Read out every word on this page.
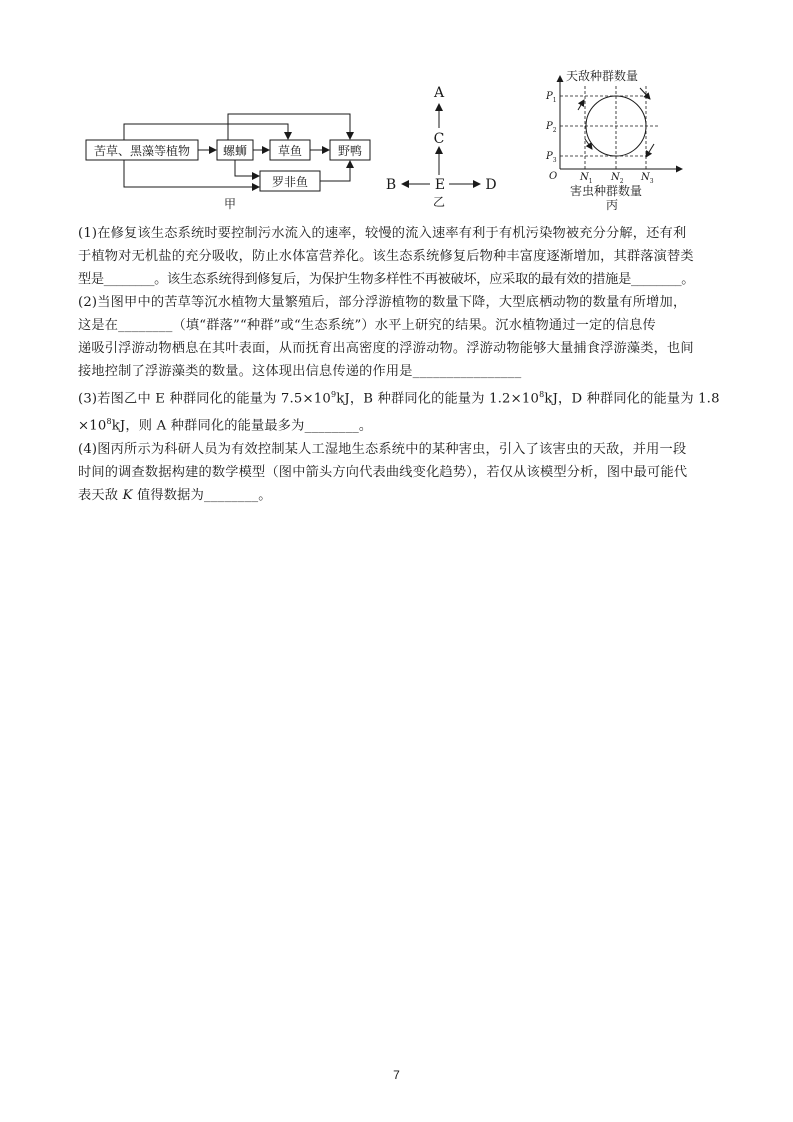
苦草、黑藻等植物	螺蛳	草鱼	野鸭
罗非鱼
甲
A
C
E
B	D
乙
天敌种群数量
害虫种群数量
O
$P_1$
$P_2$
$P_3$
$N_1$ $N_2$ $N_3$
丙

(1)在修复该生态系统时要控制污水流入的速率，较慢的流入速率有利于有机污染物被充分分解，还有利

于植物对无机盐的充分吸收，防止水体富营养化。该生态系统修复后物种丰富度逐渐增加，其群落演替类

型是________。该生态系统得到修复后，为保护生物多样性不再被破坏，应采取的最有效的措施是________。

(2)当图甲中的苦草等沉水植物大量繁殖后，部分浮游植物的数量下降，大型底栖动物的数量有所增加，

这是在________（填“群落”“种群”或“生态系统”）水平上研究的结果。沉水植物通过一定的信息传

递吸引浮游动物栖息在其叶表面，从而抚育出高密度的浮游动物。浮游动物能够大量捕食浮游藻类，也间

接地控制了浮游藻类的数量。这体现出信息传递的作用是________________

(3)若图乙中 E 种群同化的能量为 $7.5\times 10^9kJ$，B 种群同化的能量为 $1.2\times 10^8kJ$，D 种群同化的能量为 1.8

$\times 10^8kJ$，则 A 种群同化的能量最多为________。

(4)图丙所示为科研人员为有效控制某人工湿地生态系统中的某种害虫，引入了该害虫的天敌，并用一段

时间的调查数据构建的数学模型（图中箭头方向代表曲线变化趋势），若仅从该模型分析，图中最可能代

表天敌 K 值得数据为________。

7
